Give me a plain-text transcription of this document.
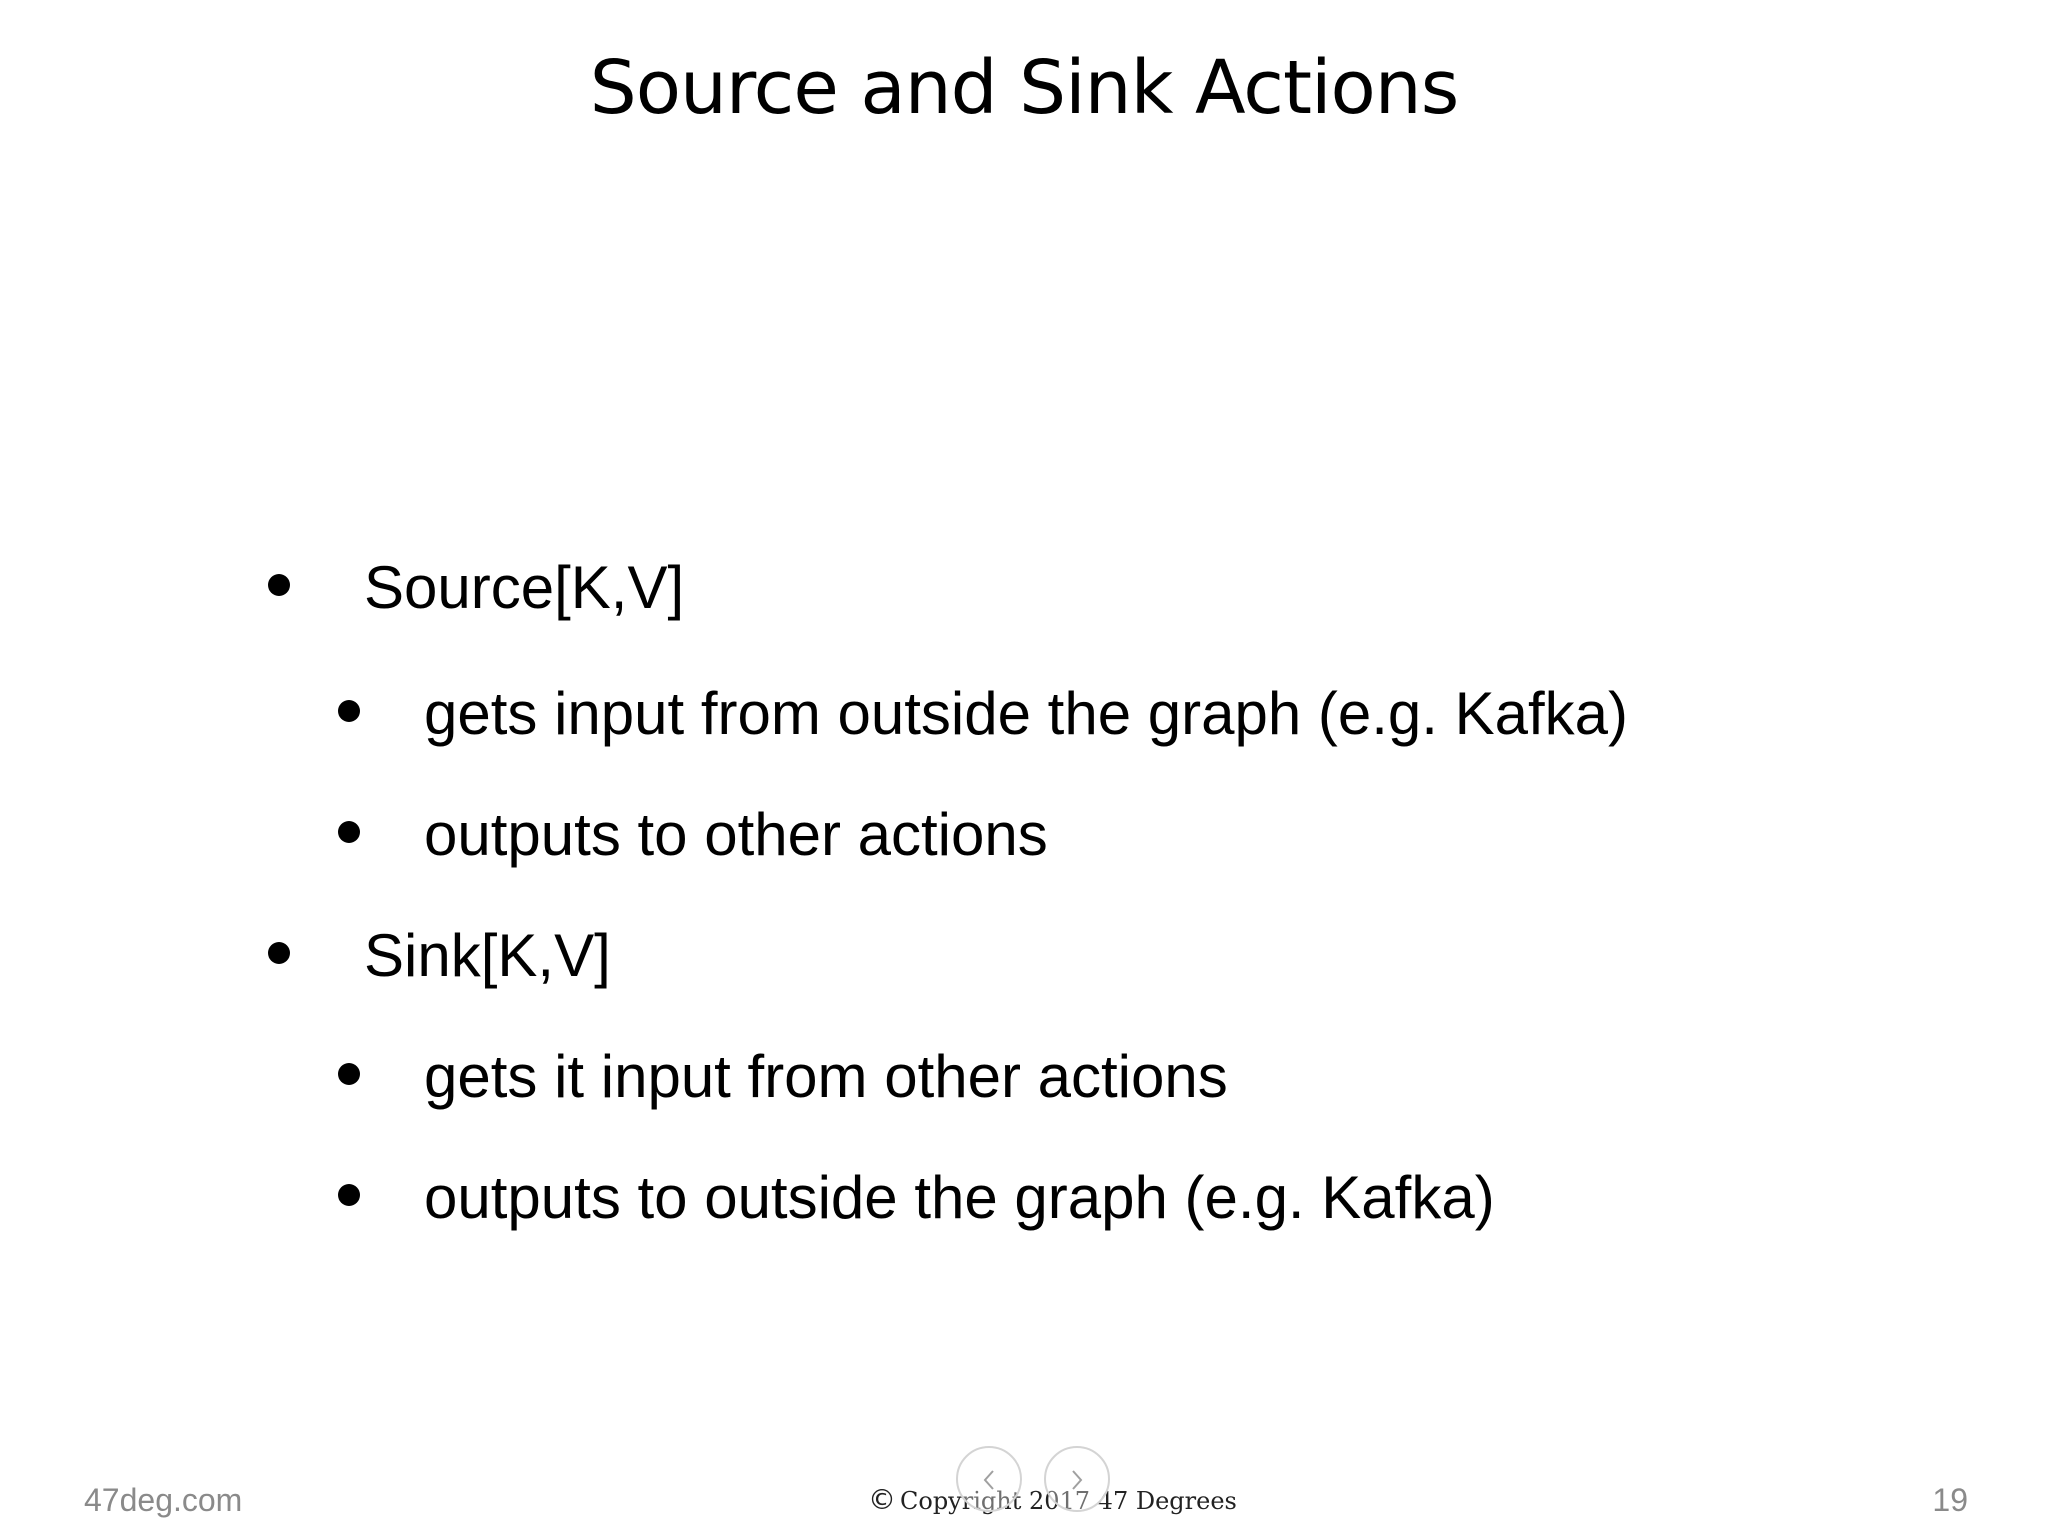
Source and Sink Actions
Source[K,V]
gets input from outside the graph (e.g. Kafka)
outputs to other actions
Sink[K,V]
gets it input from other actions
outputs to outside the graph (e.g. Kafka)
47deg.com	© Copyright 2017 47 Degrees	19
